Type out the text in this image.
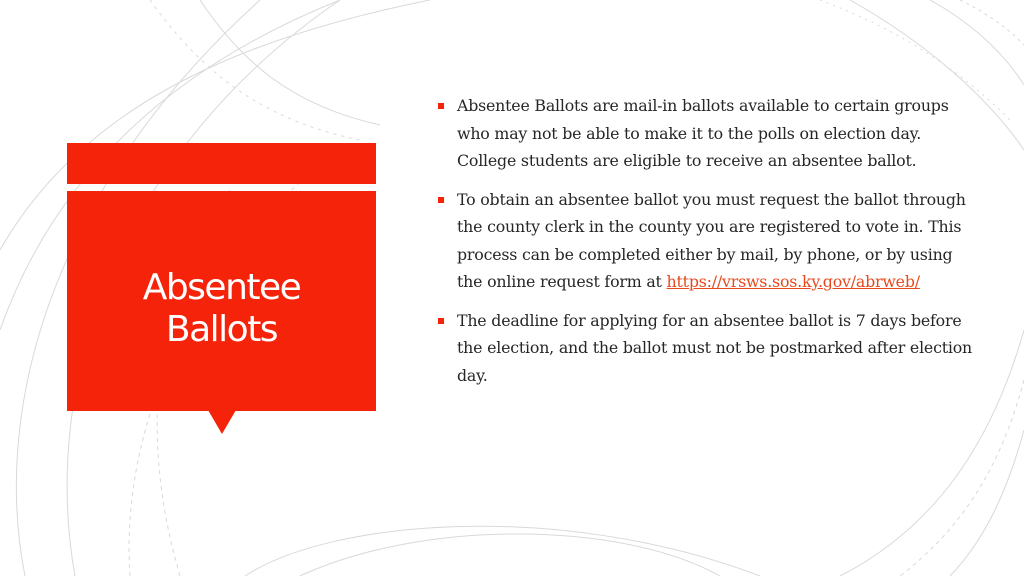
Absentee
Ballots
Absentee Ballots are mail-in ballots available to certain groups who may not be able to make it to the polls on election day. College students are eligible to receive an absentee ballot.
To obtain an absentee ballot you must request the ballot through the county clerk in the county you are registered to vote in. This process can be completed either by mail, by phone, or by using the online request form at https://vrsws.sos.ky.gov/abrweb/
The deadline for applying for an absentee ballot is 7 days before the election, and the ballot must not be postmarked after election day.
